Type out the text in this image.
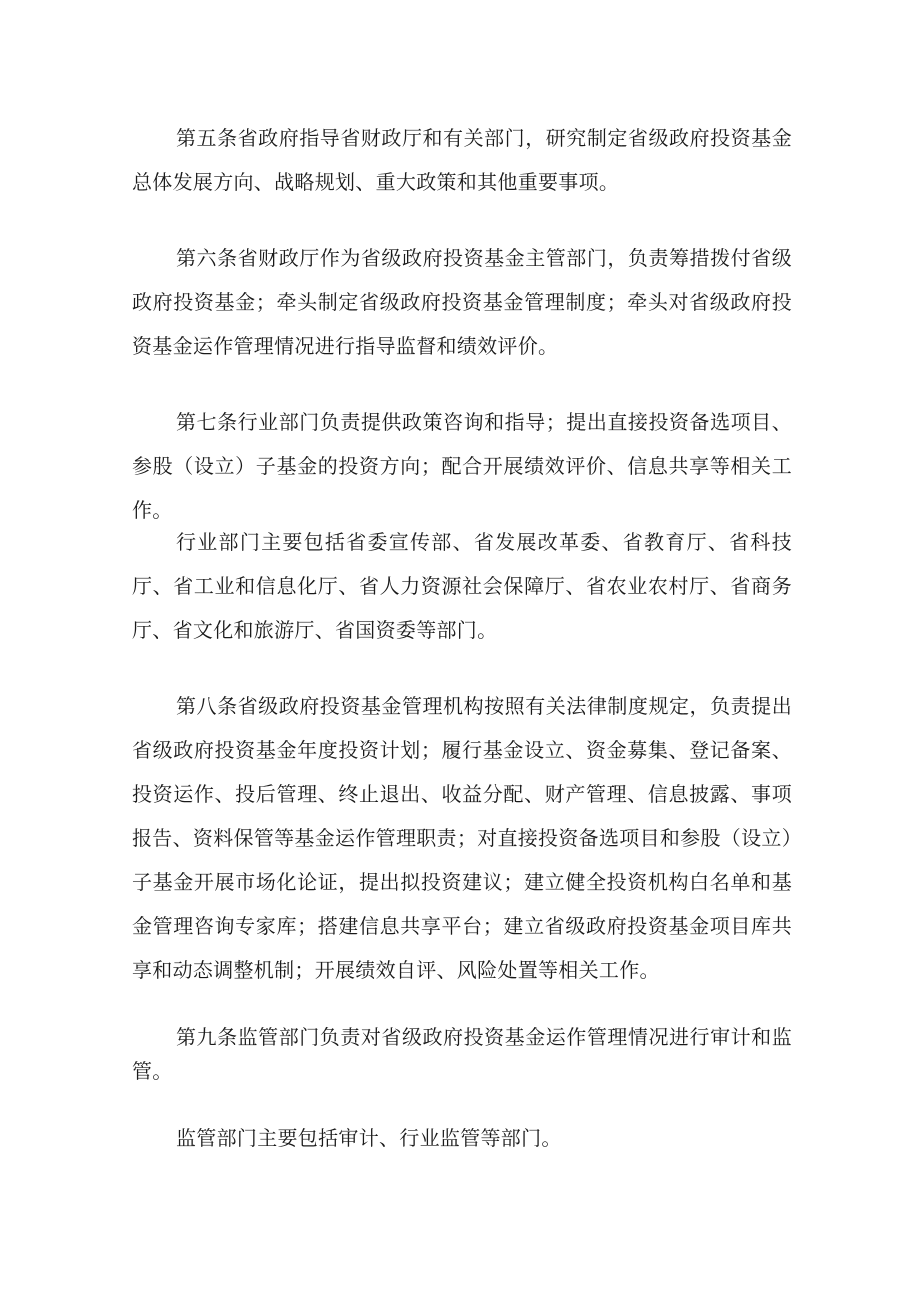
第五条省政府指导省财政厅和有关部门，研究制定省级政府投资基金总体发展方向、战略规划、重大政策和其他重要事项。

第六条省财政厅作为省级政府投资基金主管部门，负责筹措拨付省级政府投资基金；牵头制定省级政府投资基金管理制度；牵头对省级政府投资基金运作管理情况进行指导监督和绩效评价。

第七条行业部门负责提供政策咨询和指导；提出直接投资备选项目、参股（设立）子基金的投资方向；配合开展绩效评价、信息共享等相关工作。

行业部门主要包括省委宣传部、省发展改革委、省教育厅、省科技厅、省工业和信息化厅、省人力资源社会保障厅、省农业农村厅、省商务厅、省文化和旅游厅、省国资委等部门。

第八条省级政府投资基金管理机构按照有关法律制度规定，负责提出省级政府投资基金年度投资计划；履行基金设立、资金募集、登记备案、投资运作、投后管理、终止退出、收益分配、财产管理、信息披露、事项报告、资料保管等基金运作管理职责；对直接投资备选项目和参股（设立）子基金开展市场化论证，提出拟投资建议；建立健全投资机构白名单和基金管理咨询专家库；搭建信息共享平台；建立省级政府投资基金项目库共享和动态调整机制；开展绩效自评、风险处置等相关工作。

第九条监管部门负责对省级政府投资基金运作管理情况进行审计和监管。

监管部门主要包括审计、行业监管等部门。
